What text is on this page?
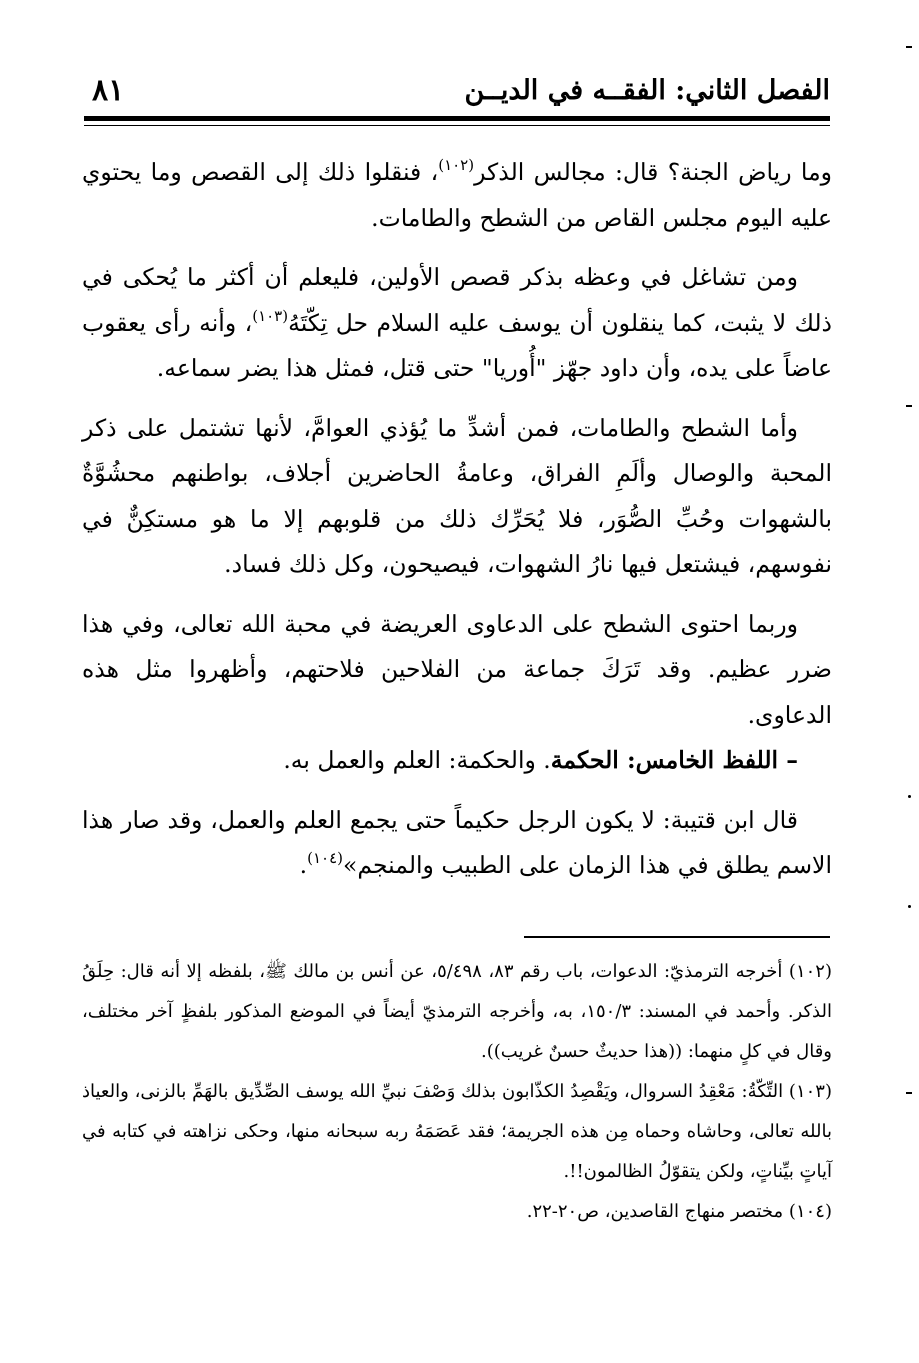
الفصل الثاني: الفقــه في الديــن
٨١

وما رياض الجنة؟ قال: مجالس الذكر$^{(١٠٢)}$، فنقلوا ذلك إلى القصص وما يحتوي عليه اليوم مجلس القاص من الشطح والطامات.

ومن تشاغل في وعظه بذكر قصص الأولين، فليعلم أن أكثر ما يُحكى في ذلك لا يثبت، كما ينقلون أن يوسف عليه السلام حل تِكّتَهُ$^{(١٠٣)}$، وأنه رأى يعقوب عاضاً على يده، وأن داود جهّز "أُوريا" حتى قتل، فمثل هذا يضر سماعه.

وأما الشطح والطامات، فمن أشدِّ ما يُؤذي العوامَّ، لأنها تشتمل على ذكر المحبة والوصال وألَمِ الفراق، وعامةُ الحاضرين أجلاف، بواطنهم محشُوَّةٌ بالشهوات وحُبِّ الصُّوَر، فلا يُحَرِّك ذلك من قلوبهم إلا ما هو مستكِنٌّ في نفوسهم، فيشتعل فيها نارُ الشهوات، فيصيحون، وكل ذلك فساد.

وربما احتوى الشطح على الدعاوى العريضة في محبة الله تعالى، وفي هذا ضرر عظيم. وقد تَرَكَ جماعة من الفلاحين فلاحتهم، وأظهروا مثل هذه الدعاوى.

– اللفظ الخامس: الحكمة. والحكمة: العلم والعمل به.

قال ابن قتيبة: لا يكون الرجل حكيماً حتى يجمع العلم والعمل، وقد صار هذا الاسم يطلق في هذا الزمان على الطبيب والمنجم»$^{(١٠٤)}$.

(١٠٢) أخرجه الترمذيّ: الدعوات، باب رقم ٨٣، ٥/٤٩٨، عن أنس بن مالك ﷺ، بلفظه إلا أنه قال: حِلَقُ الذكر. وأحمد في المسند: ١٥٠/٣، به، وأخرجه الترمذيّ أيضاً في الموضع المذكور بلفظٍ آخر مختلف، وقال في كلٍ منهما: ((هذا حديثٌ حسنٌ غريب)).

(١٠٣) التِّكّةُ: مَعْقِدُ السروال، ويَقْصِدُ الكذّابون بذلك وَصْفَ نبيِّ الله يوسف الصِّدِّيق بالهَمِّ بالزنى، والعياذ بالله تعالى، وحاشاه وحماه مِن هذه الجريمة؛ فقد عَصَمَهُ ربه سبحانه منها، وحكى نزاهته في كتابه في آياتٍ بيِّناتٍ، ولكن يتقوّلُ الظالمون!!.

(١٠٤) مختصر منهاج القاصدين، ص٢٠-٢٢.
